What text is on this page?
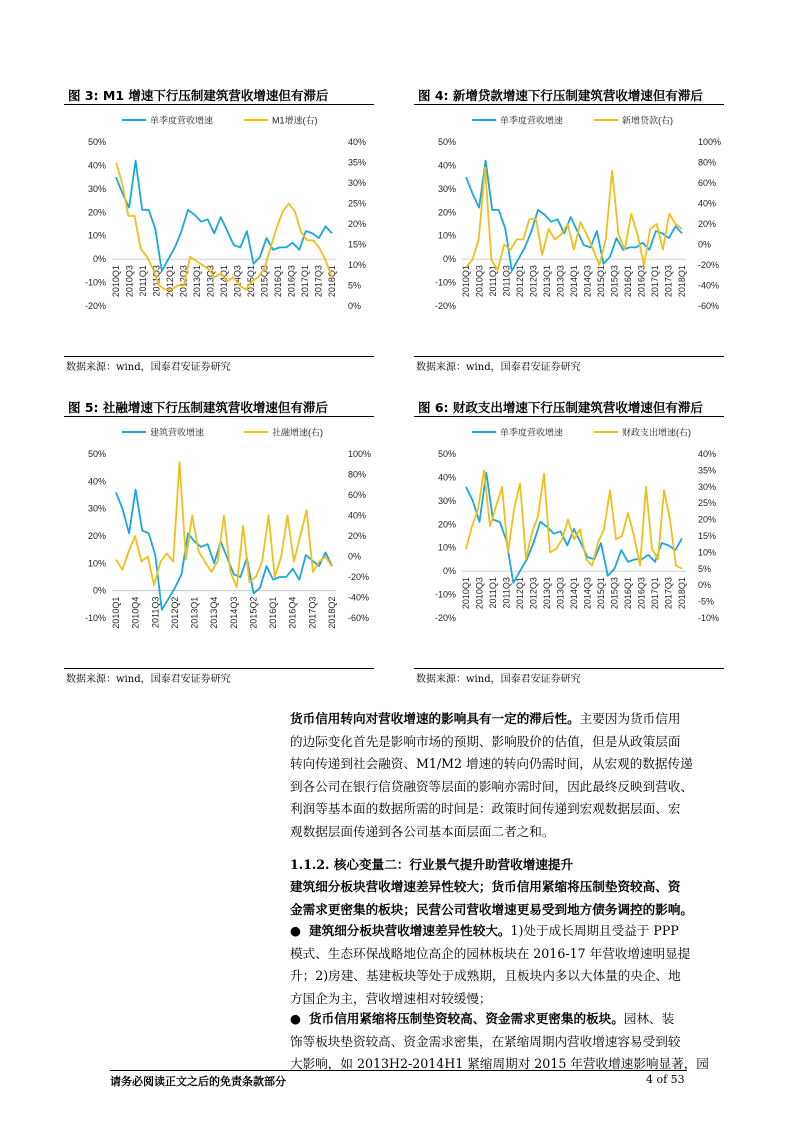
图 3: M1 增速下行压制建筑营收增速但有滞后	图 4: 新增贷款增速下行压制建筑营收增速但有滞后
图 5: 社融增速下行压制建筑营收增速但有滞后	图 6: 财政支出增速下行压制建筑营收增速但有滞后
单季度营收增速	M1增速(右)
50%
40%
30%
20%
10%
0%
-10%
-20%
40%
35%
30%
25%
20%
15%
10%
5%
0%
2010Q1 2010Q3 2011Q1 2011Q3 2012Q1 2012Q3 2013Q1 2013Q3 2014Q1 2014Q3 2015Q1 2015Q3 2016Q1 2016Q3 2017Q1 2017Q3 2018Q1
单季度营收增速	新增贷款(右)
50%
40%
30%
20%
10%
0%
-10%
-20%
100%
80%
60%
40%
20%
0%
-20%
-40%
-60%
2010Q1 2010Q3 2011Q1 2011Q3 2012Q1 2012Q3 2013Q1 2013Q3 2014Q1 2014Q3 2015Q1 2015Q3 2016Q1 2016Q3 2017Q1 2017Q3 2018Q1
建筑营收增速	社融增速(右)
50%
40%
30%
20%
10%
0%
-10%
100%
80%
60%
40%
20%
0%
-20%
-40%
-60%
2010Q1 2010Q4 2011Q3 2012Q2 2013Q1 2013Q4 2014Q3 2015Q2 2016Q1 2016Q4 2017Q3 2018Q2
单季度营收增速	财政支出增速(右)
50%
40%
30%
20%
10%
0%
-10%
-20%
40%
35%
30%
25%
20%
15%
10%
5%
0%
-5%
-10%
2010Q1 2010Q3 2011Q1 2011Q3 2012Q1 2012Q3 2013Q1 2013Q3 2014Q1 2014Q3 2015Q1 2015Q3 2016Q1 2016Q3 2017Q1 2017Q3 2018Q1
数据来源：wind，国泰君安证券研究	数据来源：wind，国泰君安证券研究
数据来源：wind，国泰君安证券研究	数据来源：wind，国泰君安证券研究
货币信用转向对营收增速的影响具有一定的滞后性。主要因为货币信用
的边际变化首先是影响市场的预期、影响股价的估值，但是从政策层面
转向传递到社会融资、M1/M2 增速的转向仍需时间，从宏观的数据传递
到各公司在银行信贷融资等层面的影响亦需时间，因此最终反映到营收、
利润等基本面的数据所需的时间是：政策时间传递到宏观数据层面、宏
观数据层面传递到各公司基本面层面二者之和。
1.1.2. 核心变量二：行业景气提升助营收增速提升
建筑细分板块营收增速差异性较大；货币信用紧缩将压制垫资较高、资
金需求更密集的板块；民营公司营收增速更易受到地方债务调控的影响。
● 建筑细分板块营收增速差异性较大。1)处于成长周期且受益于 PPP
模式、生态环保战略地位高企的园林板块在 2016-17 年营收增速明显提
升；2)房建、基建板块等处于成熟期，且板块内多以大体量的央企、地
方国企为主，营收增速相对较缓慢；
● 货币信用紧缩将压制垫资较高、资金需求更密集的板块。园林、装
饰等板块垫资较高、资金需求密集，在紧缩周期内营收增速容易受到较
大影响，如 2013H2-2014H1 紧缩周期对 2015 年营收增速影响显著，园
请务必阅读正文之后的免责条款部分	4 of 53
